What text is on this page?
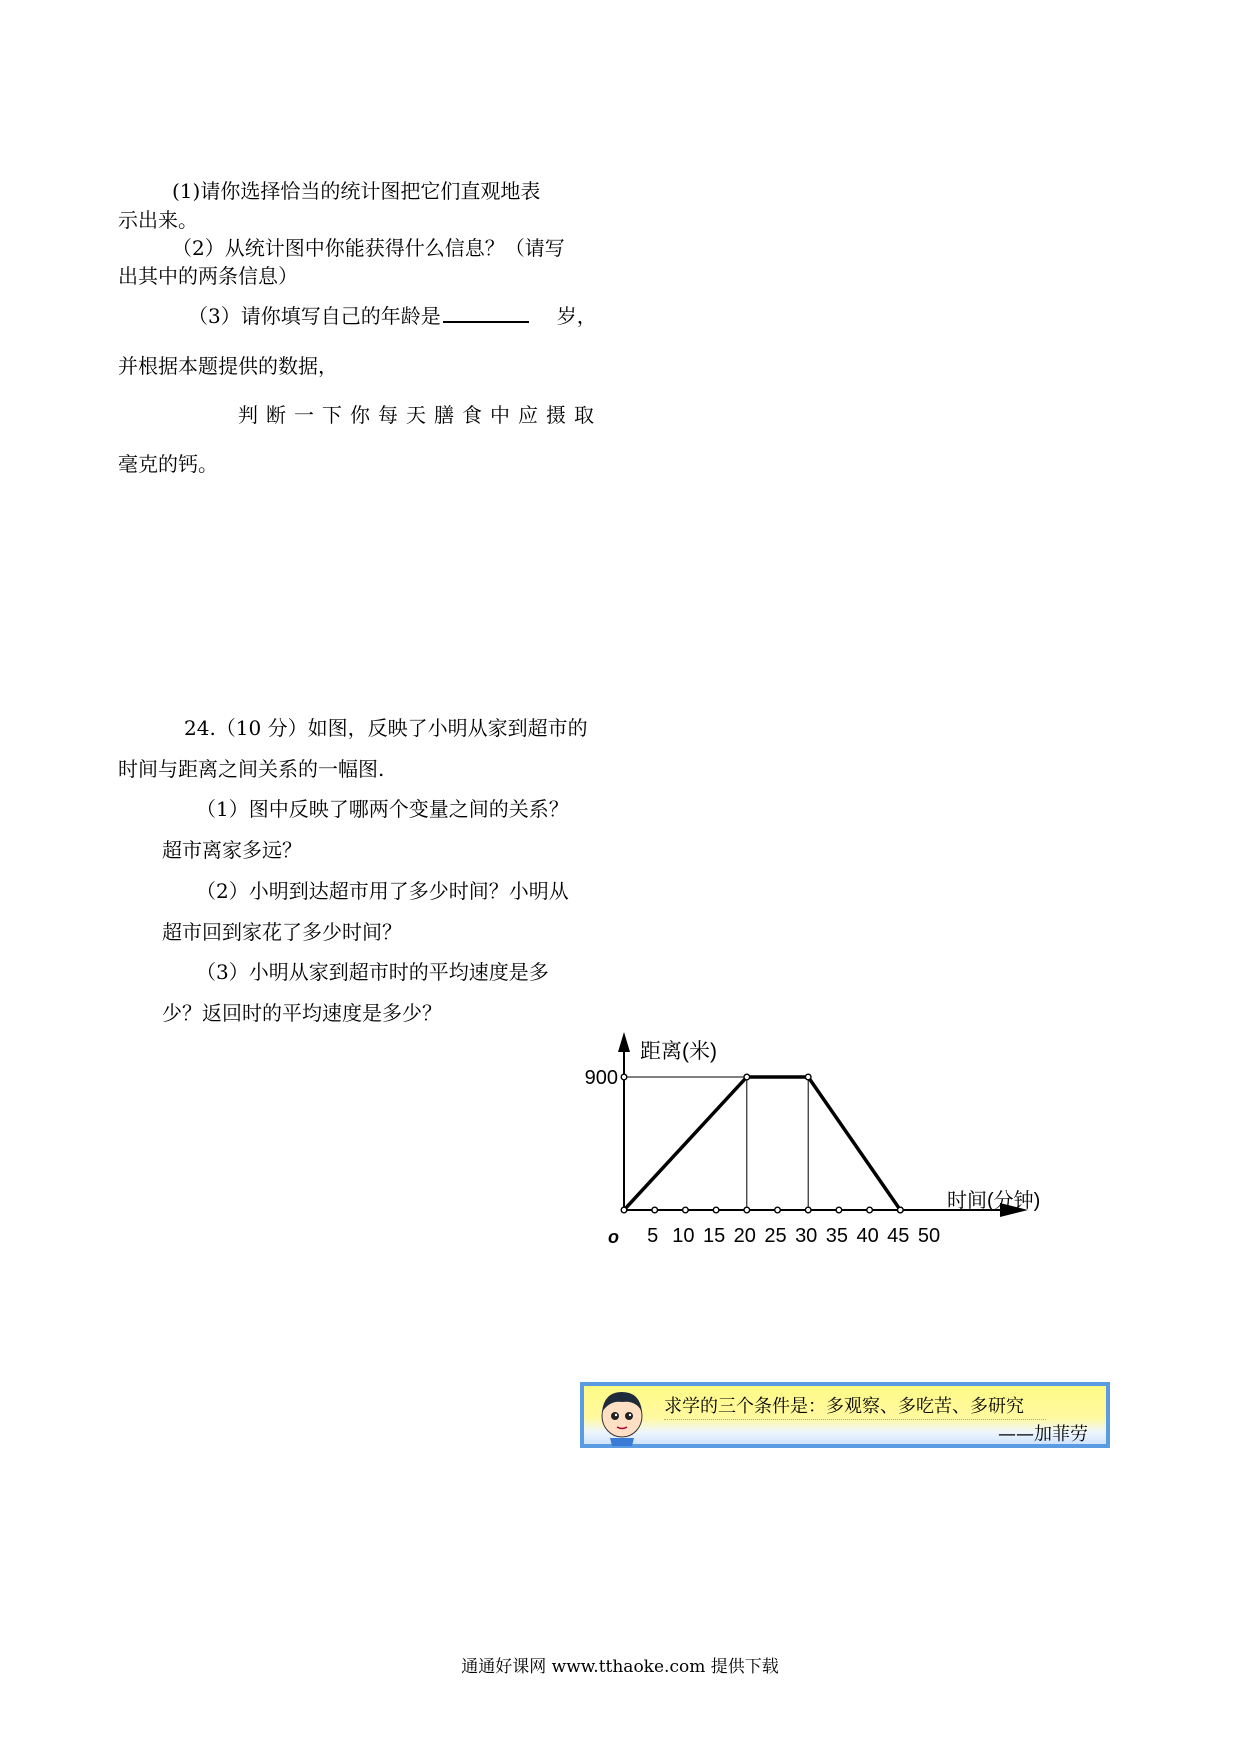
(1)请你选择恰当的统计图把它们直观地表
示出来。
（2）从统计图中你能获得什么信息？（请写
出其中的两条信息）
（3）请你填写自己的年龄是	岁，
并根据本题提供的数据，
判断一下你每天膳食中应摄取
毫克的钙。
24.（10 分）如图，反映了小明从家到超市的
时间与距离之间关系的一幅图.
（1）图中反映了哪两个变量之间的关系？
超市离家多远？
（2）小明到达超市用了多少时间？小明从
超市回到家花了多少时间？
（3）小明从家到超市时的平均速度是多
少？返回时的平均速度是多少？
900
5 10 15 20 25 30 35 40 45 50
距离(米)
时间(分钟)
o
求学的三个条件是：多观察、多吃苦、多研究
——加菲劳
通通好课网 www.tthaoke.com 提供下载
